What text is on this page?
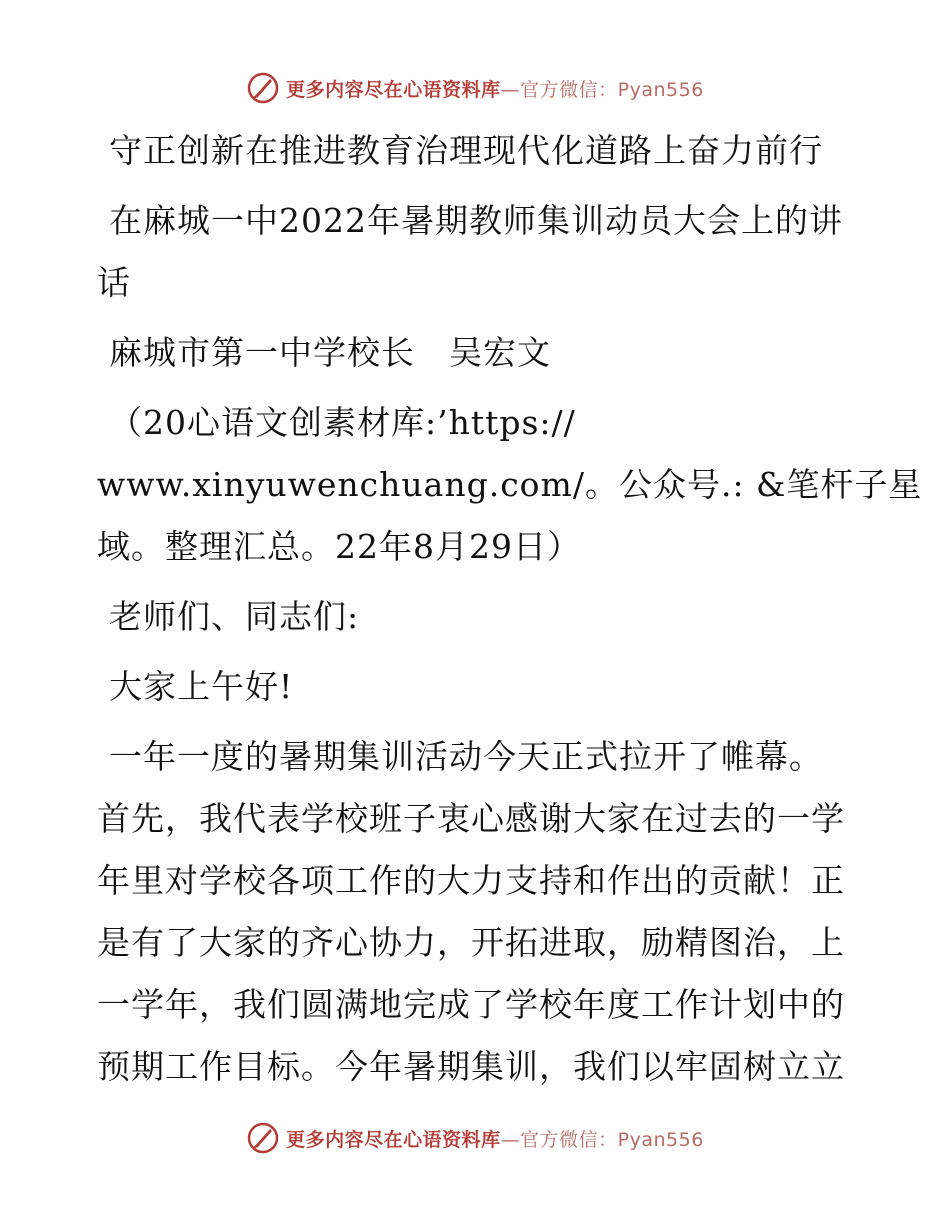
更多内容尽在心语资料库—官方微信：Pyan556
守正创新在推进教育治理现代化道路上奋力前行
在麻城一中2022年暑期教师集训动员大会上的讲
话
麻城市第一中学校长　吴宏文
（20心语文创素材库:’https://
www.xinyuwenchuang.com/。公众号.: &笔杆子星
域。整理汇总。22年8月29日）
老师们、同志们:
大家上午好!
一年一度的暑期集训活动今天正式拉开了帷幕。
首先，我代表学校班子衷心感谢大家在过去的一学
年里对学校各项工作的大力支持和作出的贡献！正
是有了大家的齐心协力，开拓进取，励精图治，上
一学年，我们圆满地完成了学校年度工作计划中的
预期工作目标。今年暑期集训，我们以牢固树立立
更多内容尽在心语资料库—官方微信：Pyan556
